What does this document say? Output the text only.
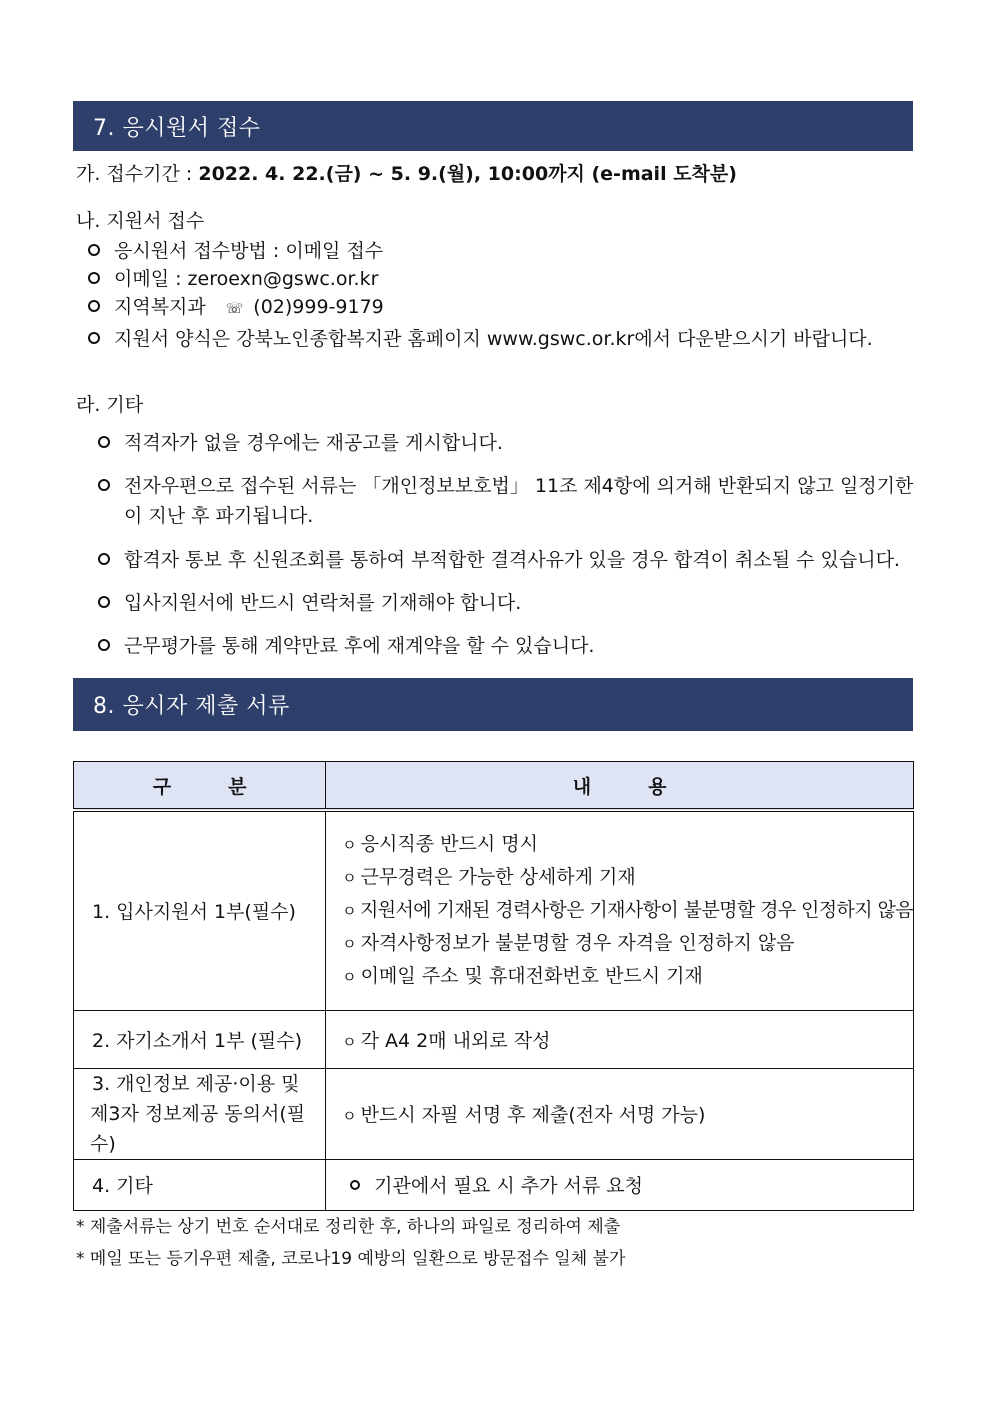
7. 응시원서 접수
가. 접수기간 : 2022. 4. 22.(금) ~ 5. 9.(월), 10:00까지 (e-mail 도착분)
나. 지원서 접수
응시원서 접수방법 : 이메일 접수
이메일 : zeroexn@gswc.or.kr
지역복지과 ☏ (02)999-9179
지원서 양식은 강북노인종합복지관 홈페이지 www.gswc.or.kr에서 다운받으시기 바랍니다.
라. 기타
적격자가 없을 경우에는 재공고를 게시합니다.
전자우편으로 접수된 서류는 「개인정보보호법」 11조 제4항에 의거해 반환되지 않고 일정기한
이 지난 후 파기됩니다.
합격자 통보 후 신원조회를 통하여 부적합한 결격사유가 있을 경우 합격이 취소될 수 있습니다.
입사지원서에 반드시 연락처를 기재해야 합니다.
근무평가를 통해 계약만료 후에 재계약을 할 수 있습니다.
8. 응시자 제출 서류
구　　　분	내　　　용
1. 입사지원서 1부(필수)	ㅇ 응시직종 반드시 명시
ㅇ 근무경력은 가능한 상세하게 기재
ㅇ 지원서에 기재된 경력사항은 기재사항이 불분명할 경우 인정하지 않음
ㅇ 자격사항정보가 불분명할 경우 자격을 인정하지 않음
ㅇ 이메일 주소 및 휴대전화번호 반드시 기재

2. 자기소개서 1부 (필수)	ㅇ 각 A4 2매 내외로 작성

3. 개인정보 제공·이용 및
제3자 정보제공 동의서(필수)	ㅇ 반드시 자필 서명 후 제출(전자 서명 가능)
4. 기타	기관에서 필요 시 추가 서류 요청
* 제출서류는 상기 번호 순서대로 정리한 후, 하나의 파일로 정리하여 제출
* 메일 또는 등기우편 제출, 코로나19 예방의 일환으로 방문접수 일체 불가
